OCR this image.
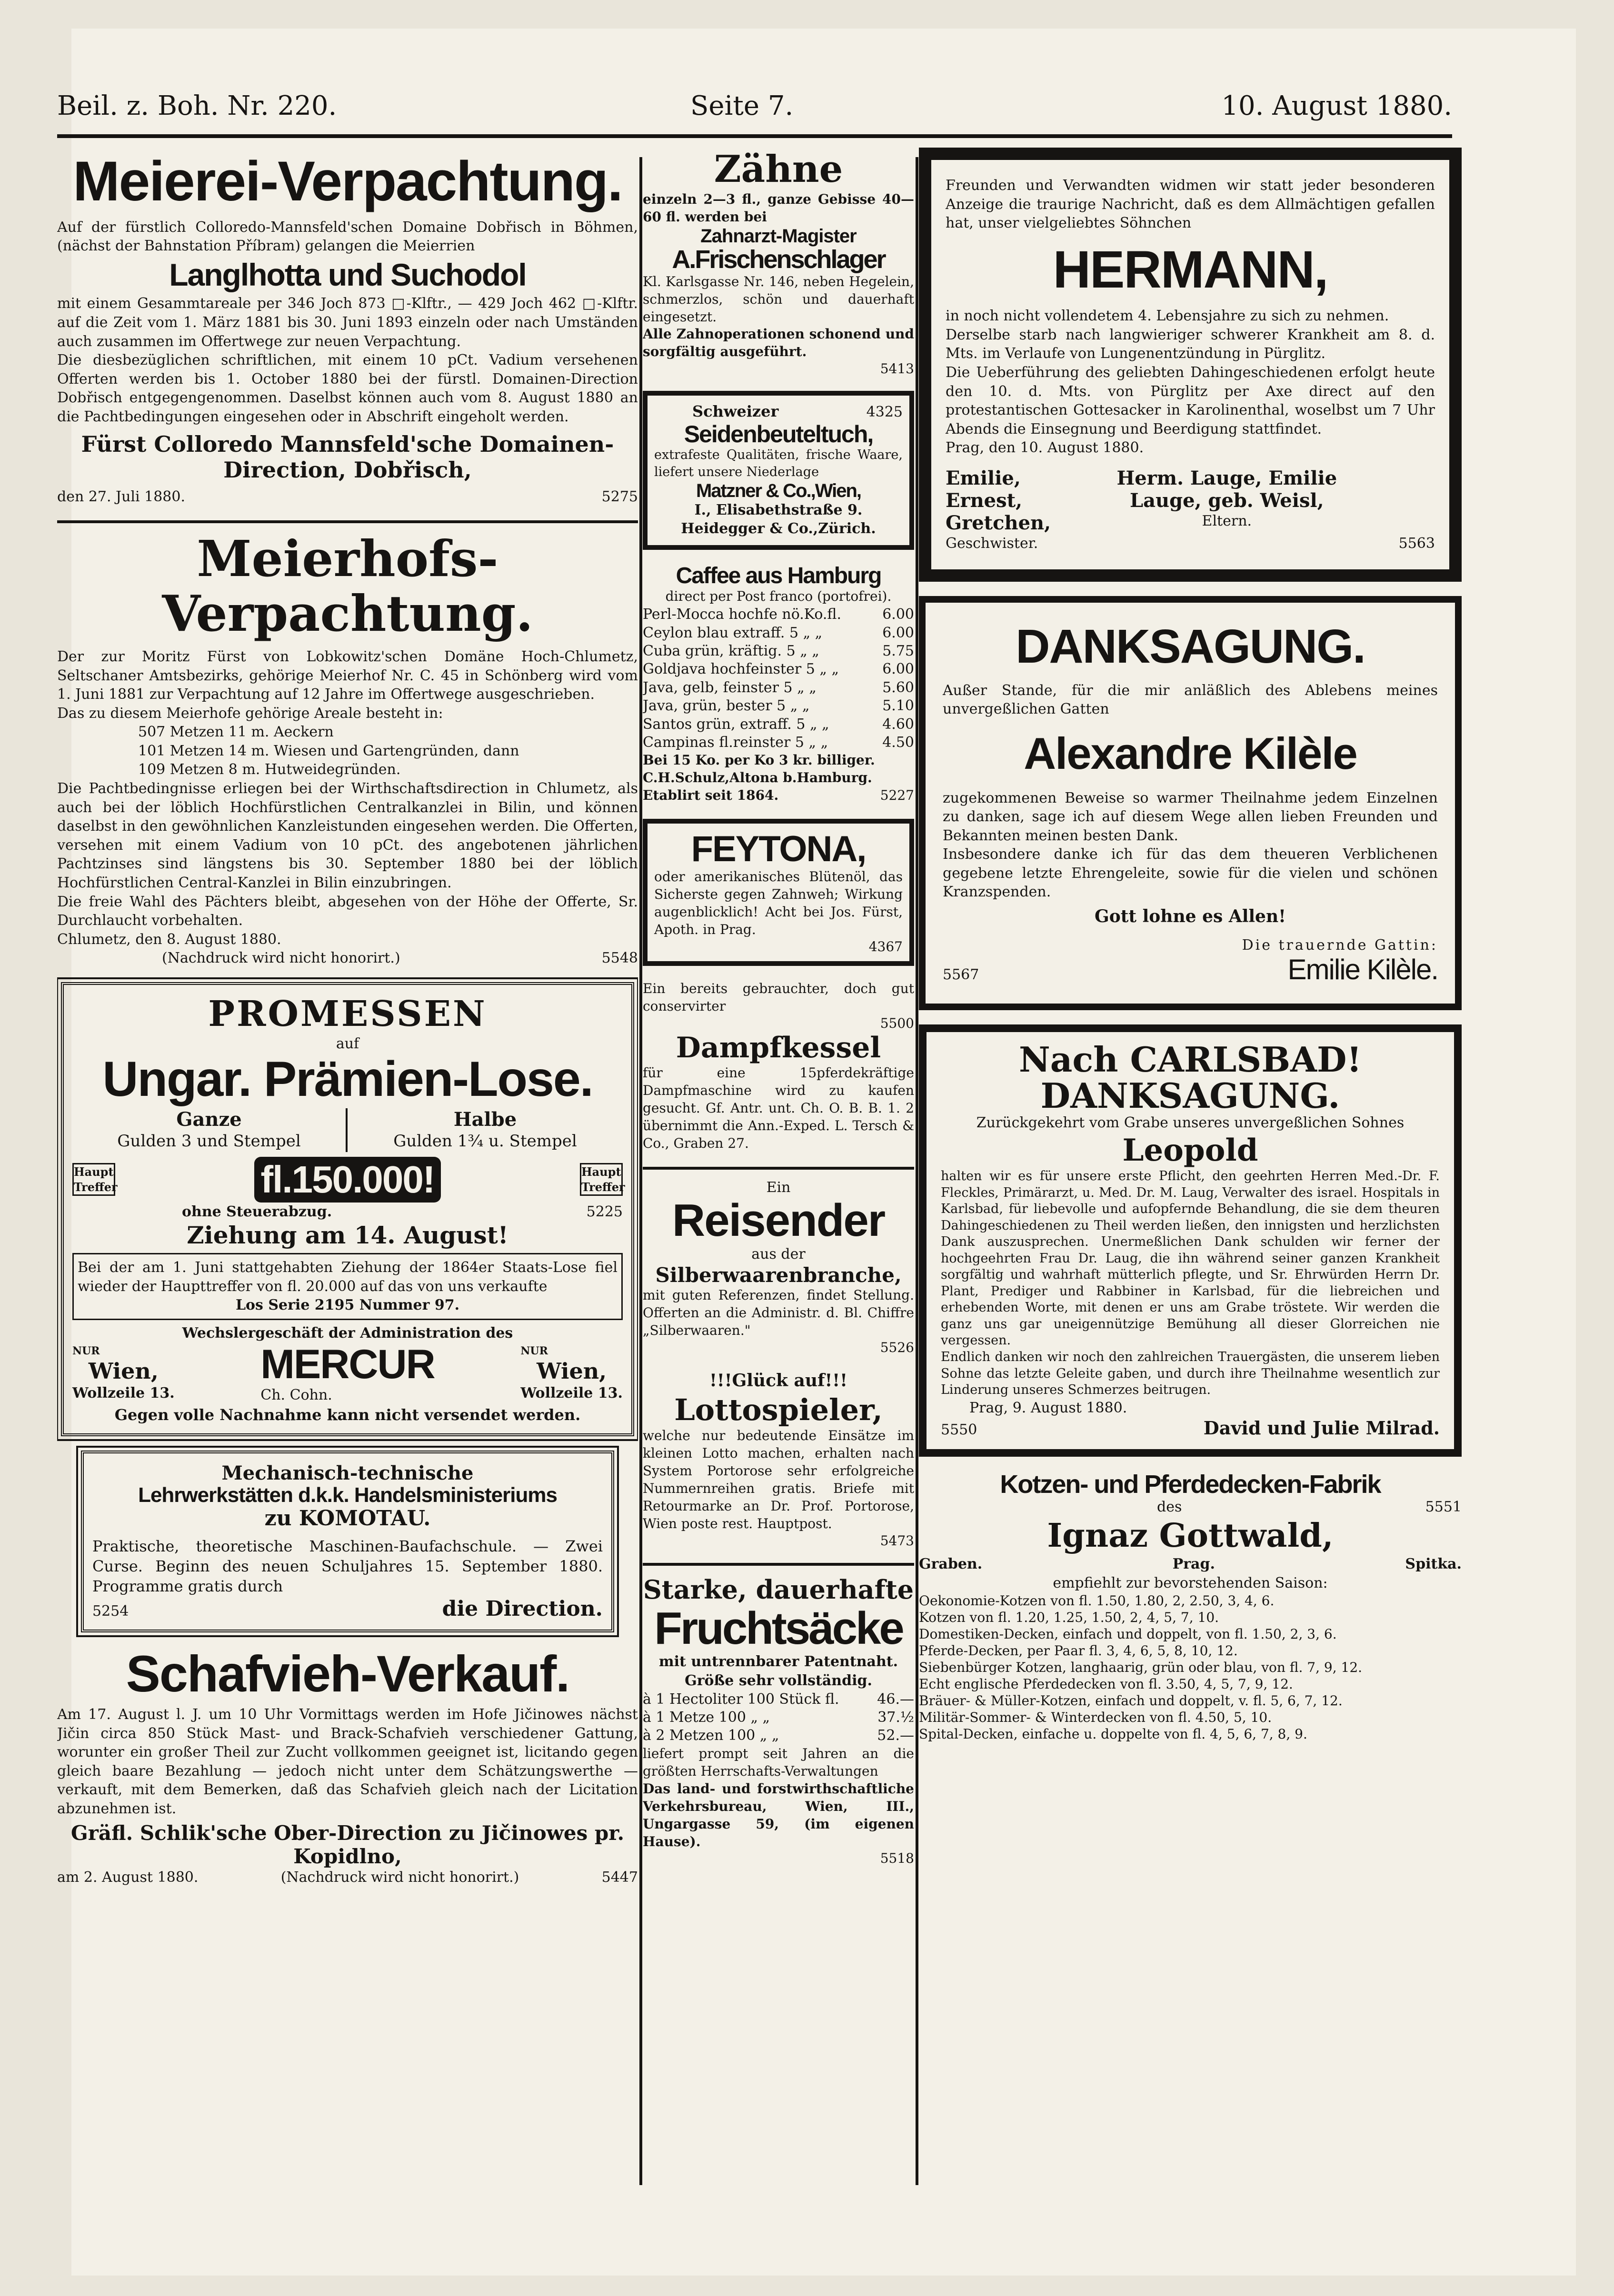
Beil. z. Boh. Nr. 220.	Seite 7.	10. August 1880.
Meierei-Verpachtung.
Auf der fürstlich Colloredo-Mannsfeld'schen Domaine Dobřisch in Böhmen, (nächst der Bahnstation Příbram) gelangen die Meierrien
Langlhotta und Suchodol
mit einem Gesammtareale per 346 Joch 873 □-Klftr., — 429 Joch 462 □-Klftr. auf die Zeit vom 1. März 1881 bis 30. Juni 1893 einzeln oder nach Umständen auch zusammen im Offertwege zur neuen Verpachtung.
Die diesbezüglichen schriftlichen, mit einem 10 pCt. Vadium versehenen Offerten werden bis 1. October 1880 bei der fürstl. Domainen-Direction Dobřisch entgegengenommen. Daselbst können auch vom 8. August 1880 an die Pachtbedingungen eingesehen oder in Abschrift eingeholt werden.
Fürst Colloredo Mannsfeld'sche Domainen-Direction, Dobřisch,
den 27. Juli 1880.	5275
Meierhofs-Verpachtung.
Der zur Moritz Fürst von Lobkowitz'schen Domäne Hoch-Chlumetz, Seltschaner Amtsbezirks, gehörige Meierhof Nr. C. 45 in Schönberg wird vom 1. Juni 1881 zur Verpachtung auf 12 Jahre im Offertwege ausgeschrieben.
Das zu diesem Meierhofe gehörige Areale besteht in:
507 Metzen 11 m. Aeckern
101 Metzen 14 m. Wiesen und Gartengründen, dann
109 Metzen 8 m. Hutweidegründen.
Die Pachtbedingnisse erliegen bei der Wirthschaftsdirection in Chlumetz, als auch bei der löblich Hochfürstlichen Centralkanzlei in Bilin, und können daselbst in den gewöhnlichen Kanzleistunden eingesehen werden. Die Offerten, versehen mit einem Vadium von 10 pCt. des angebotenen jährlichen Pachtzinses sind längstens bis 30. September 1880 bei der löblich Hochfürstlichen Central-Kanzlei in Bilin einzubringen.
Die freie Wahl des Pächters bleibt, abgesehen von der Höhe der Offerte, Sr. Durchlaucht vorbehalten.
Chlumetz, den 8. August 1880.
(Nachdruck wird nicht honorirt.)	5548
PROMESSEN
auf
Ungar. Prämien-Lose.
Ganze
Gulden 3 und Stempel
Halbe
Gulden 1¾ u. Stempel
Haupt Treffer	fl.150.000!	Haupt Treffer
ohne Steuerabzug.	5225
Ziehung am 14. August!
Bei der am 1. Juni stattgehabten Ziehung der 1864er Staats-Lose fiel wieder der Haupttreffer von fl. 20.000 auf das von uns verkaufte
Los Serie 2195 Nummer 97.
Wechslergeschäft der Administration des
NUR
Wien,
Wollzeile 13.
MERCUR
Ch. Cohn.
NUR
Wien,
Wollzeile 13.
Gegen volle Nachnahme kann nicht versendet werden.
Mechanisch-technische
Lehrwerkstätten d.k.k. Handelsministeriums
zu KOMOTAU.
Praktische, theoretische Maschinen-Baufachschule. — Zwei Curse. Beginn des neuen Schuljahres 15. September 1880. Programme gratis durch
5254	die Direction.
Schafvieh-Verkauf.
Am 17. August l. J. um 10 Uhr Vormittags werden im Hofe Jičinowes nächst Jičin circa 850 Stück Mast- und Brack-Schafvieh verschiedener Gattung, worunter ein großer Theil zur Zucht vollkommen geeignet ist, licitando gegen gleich baare Bezahlung — jedoch nicht unter dem Schätzungswerthe — verkauft, mit dem Bemerken, daß das Schafvieh gleich nach der Licitation abzunehmen ist.
Gräfl. Schlik'sche Ober-Direction zu Jičinowes pr. Kopidlno,
am 2. August 1880.	(Nachdruck wird nicht honorirt.)	5447
Zähne
einzeln 2—3 fl., ganze Gebisse 40—60 fl. werden bei
Zahnarzt-Magister
A.Frischenschlager
Kl. Karlsgasse Nr. 146, neben Hegelein, schmerzlos, schön und dauerhaft eingesetzt.
Alle Zahnoperationen schonend und sorgfältig ausgeführt.
5413
Schweizer	4325
Seidenbeuteltuch,
extrafeste Qualitäten, frische Waare, liefert unsere Niederlage
Matzner & Co.,Wien,
I., Elisabethstraße 9.
Heidegger & Co.,Zürich.
Caffee aus Hamburg
direct per Post franco (portofrei).
Perl-Mocca hochfe nö.Ko.fl.	6.00
Ceylon blau extraff. 5 „ „	6.00
Cuba grün, kräftig. 5 „ „	5.75
Goldjava hochfeinster 5 „ „	6.00
Java, gelb, feinster 5 „ „	5.60
Java, grün, bester 5 „ „	5.10
Santos grün, extraff. 5 „ „	4.60
Campinas fl.reinster 5 „ „	4.50
Bei 15 Ko. per Ko 3 kr. billiger.
C.H.Schulz,Altona b.Hamburg.
Etablirt seit 1864.	5227
FEYTONA,
oder amerikanisches Blütenöl, das Sicherste gegen Zahnweh; Wirkung augenblicklich! Acht bei Jos. Fürst, Apoth. in Prag.
4367
Ein bereits gebrauchter, doch gut conservirter
5500
Dampfkessel
für eine 15pferdekräftige Dampfmaschine wird zu kaufen gesucht. Gf. Antr. unt. Ch. O. B. B. 1. 2 übernimmt die Ann.-Exped. L. Tersch & Co., Graben 27.
Ein
Reisender
aus der
Silberwaarenbranche,
mit guten Referenzen, findet Stellung. Offerten an die Administr. d. Bl. Chiffre „Silberwaaren."
5526
!!!Glück auf!!!
Lottospieler,
welche nur bedeutende Einsätze im kleinen Lotto machen, erhalten nach System Portorose sehr erfolgreiche Nummernreihen gratis. Briefe mit Retourmarke an Dr. Prof. Portorose, Wien poste rest. Hauptpost.
5473
Starke, dauerhafte
Fruchtsäcke
mit untrennbarer Patentnaht.
Größe sehr vollständig.
à 1 Hectoliter 100 Stück fl.	46.—
à 1 Metze 100 „ „	37.½
à 2 Metzen 100 „ „	52.—
liefert prompt seit Jahren an die größten Herrschafts-Verwaltungen
Das land- und forstwirthschaftliche Verkehrsbureau, Wien, III., Ungargasse 59, (im eigenen Hause).
5518
Freunden und Verwandten widmen wir statt jeder besonderen Anzeige die traurige Nachricht, daß es dem Allmächtigen gefallen hat, unser vielgeliebtes Söhnchen
HERMANN,
in noch nicht vollendetem 4. Lebensjahre zu sich zu nehmen.
Derselbe starb nach langwieriger schwerer Krankheit am 8. d. Mts. im Verlaufe von Lungenentzündung in Pürglitz.
Die Ueberführung des geliebten Dahingeschiedenen erfolgt heute den 10. d. Mts. von Pürglitz per Axe direct auf den protestantischen Gottesacker in Karolinenthal, woselbst um 7 Uhr Abends die Einsegnung und Beerdigung stattfindet.
Prag, den 10. August 1880.
Emilie, Ernest, Gretchen,
Geschwister.
Herm. Lauge, Emilie Lauge, geb. Weisl,
Eltern.
5563
DANKSAGUNG.
Außer Stande, für die mir anläßlich des Ablebens meines unvergeßlichen Gatten
Alexandre Kilèle
zugekommenen Beweise so warmer Theilnahme jedem Einzelnen zu danken, sage ich auf diesem Wege allen lieben Freunden und Bekannten meinen besten Dank.
Insbesondere danke ich für das dem theueren Verblichenen gegebene letzte Ehrengeleite, sowie für die vielen und schönen Kranzspenden.
Gott lohne es Allen!
Die trauernde Gattin:
5567	Emilie Kilèle.
Nach CARLSBAD!
DANKSAGUNG.
Zurückgekehrt vom Grabe unseres unvergeßlichen Sohnes
Leopold
halten wir es für unsere erste Pflicht, den geehrten Herren Med.-Dr. F. Fleckles, Primärarzt, u. Med. Dr. M. Laug, Verwalter des israel. Hospitals in Karlsbad, für liebevolle und aufopfernde Behandlung, die sie dem theuren Dahingeschiedenen zu Theil werden ließen, den innigsten und herzlichsten Dank auszusprechen. Unermeßlichen Dank schulden wir ferner der hochgeehrten Frau Dr. Laug, die ihn während seiner ganzen Krankheit sorgfältig und wahrhaft mütterlich pflegte, und Sr. Ehrwürden Herrn Dr. Plant, Prediger und Rabbiner in Karlsbad, für die liebreichen und erhebenden Worte, mit denen er uns am Grabe tröstete. Wir werden die ganz uns gar uneigennützige Bemühung all dieser Glorreichen nie vergessen.
Endlich danken wir noch den zahlreichen Trauergästen, die unserem lieben Sohne das letzte Geleite gaben, und durch ihre Theilnahme wesentlich zur Linderung unseres Schmerzes beitrugen.
Prag, 9. August 1880.
5550	David und Julie Milrad.
Kotzen- und Pferdedecken-Fabrik
des	5551
Ignaz Gottwald,
Graben.	Prag.	Spitka.
empfiehlt zur bevorstehenden Saison:
Oekonomie-Kotzen von fl. 1.50, 1.80, 2, 2.50, 3, 4, 6.
Kotzen von fl. 1.20, 1.25, 1.50, 2, 4, 5, 7, 10.
Domestiken-Decken, einfach und doppelt, von fl. 1.50, 2, 3, 6.
Pferde-Decken, per Paar fl. 3, 4, 6, 5, 8, 10, 12.
Siebenbürger Kotzen, langhaarig, grün oder blau, von fl. 7, 9, 12.
Echt englische Pferdedecken von fl. 3.50, 4, 5, 7, 9, 12.
Bräuer- & Müller-Kotzen, einfach und doppelt, v. fl. 5, 6, 7, 12.
Militär-Sommer- & Winterdecken von fl. 4.50, 5, 10.
Spital-Decken, einfache u. doppelte von fl. 4, 5, 6, 7, 8, 9.
